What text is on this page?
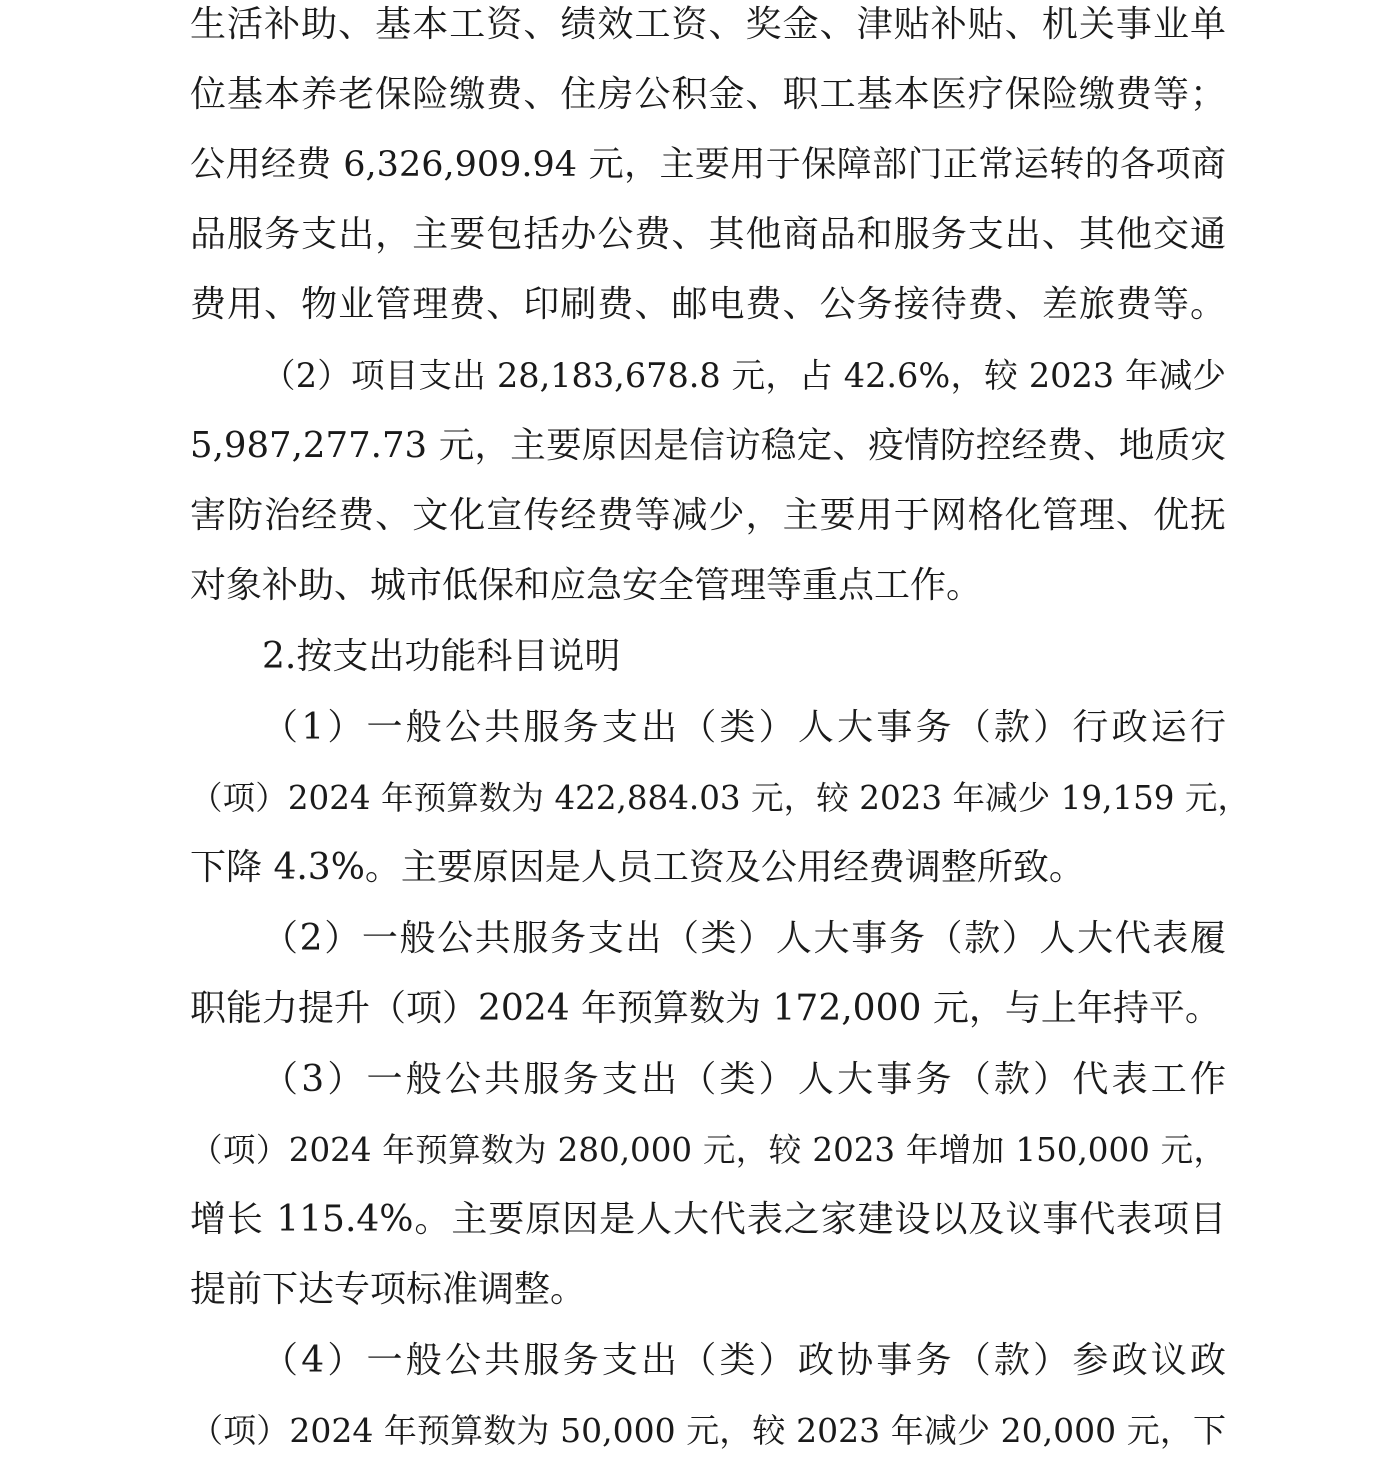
生活补助、基本工资、绩效工资、奖金、津贴补贴、机关事业单
位基本养老保险缴费、住房公积金、职工基本医疗保险缴费等；
公用经费 6,326,909.94 元，主要用于保障部门正常运转的各项商
品服务支出，主要包括办公费、其他商品和服务支出、其他交通
费用、物业管理费、印刷费、邮电费、公务接待费、差旅费等。
（2）项目支出 28,183,678.8 元，占 42.6%，较 2023 年减少
5,987,277.73 元，主要原因是信访稳定、疫情防控经费、地质灾
害防治经费、文化宣传经费等减少，主要用于网格化管理、优抚
对象补助、城市低保和应急安全管理等重点工作。
2.按支出功能科目说明
（1）一般公共服务支出（类）人大事务（款）行政运行
（项）2024 年预算数为 422,884.03 元，较 2023 年减少 19,159 元，
下降 4.3%。主要原因是人员工资及公用经费调整所致。
（2）一般公共服务支出（类）人大事务（款）人大代表履
职能力提升（项）2024 年预算数为 172,000 元，与上年持平。
（3）一般公共服务支出（类）人大事务（款）代表工作
（项）2024 年预算数为 280,000 元，较 2023 年增加 150,000 元，
增长 115.4%。主要原因是人大代表之家建设以及议事代表项目
提前下达专项标准调整。
（4）一般公共服务支出（类）政协事务（款）参政议政
（项）2024 年预算数为 50,000 元，较 2023 年减少 20,000 元，下
